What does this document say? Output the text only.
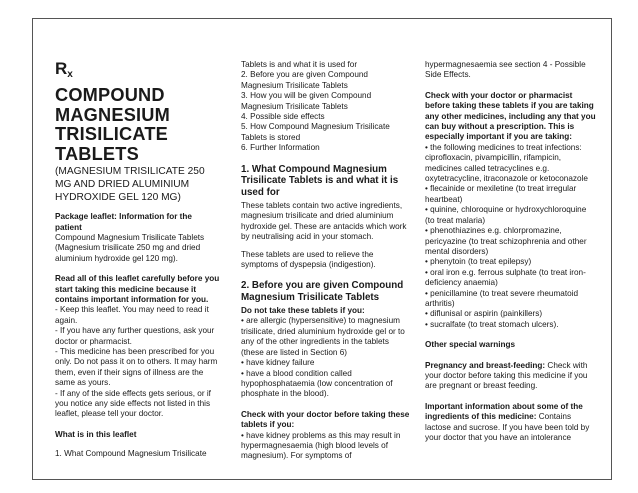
$R_x$
COMPOUND
MAGNESIUM
TRISILICATE
TABLETS
(MAGNESIUM TRISILICATE 250 MG AND DRIED ALUMINIUM HYDROXIDE GEL 120 MG)

Package leaflet: Information for the patient

Compound Magnesium Trisilicate Tablets (Magnesium trisilicate 250 mg and dried aluminium hydroxide gel 120 mg).

Read all of this leaflet carefully before you start taking this medicine because it contains important information for you.

- Keep this leaflet. You may need to read it again.
- If you have any further questions, ask your doctor or pharmacist.
- This medicine has been prescribed for you only. Do not pass it on to others. It may harm them, even if their signs of illness are the same as yours.
- If any of the side effects gets serious, or if you notice any side effects not listed in this leaflet, please tell your doctor.

What is in this leaflet

1. What Compound Magnesium Trisilicate

Tablets is and what it is used for
2. Before you are given Compound Magnesium Trisilicate Tablets
3. How you will be given Compound Magnesium Trisilicate Tablets
4. Possible side effects
5. How Compound Magnesium Trisilicate Tablets is stored
6. Further Information
1. What Compound Magnesium Trisilicate Tablets is and what it is used for

These tablets contain two active ingredients, magnesium trisilicate and dried aluminium hydroxide gel. These are antacids which work by neutralising acid in your stomach.

These tablets are used to relieve the symptoms of dyspepsia (indigestion).

2. Before you are given Compound Magnesium Trisilicate Tablets
Do not take these tablets if you:
• are allergic (hypersensitive) to magnesium trisilicate, dried aluminium hydroxide gel or to any of the other ingredients in the tablets (these are listed in Section 6)
• have kidney failure
• have a blood condition called hypophosphataemia (low concentration of phosphate in the blood).
Check with your doctor before taking these tablets if you:
• have kidney problems as this may result in hypermagnesaemia (high blood levels of magnesium). For symptoms of

hypermagnesaemia see section 4 - Possible Side Effects.

Check with your doctor or pharmacist before taking these tablets if you are taking any other medicines, including any that you can buy without a prescription. This is especially important if you are taking:

• the following medicines to treat infections: ciprofloxacin, pivampicillin, rifampicin, medicines called tetracyclines e.g. oxytetracycline, itraconazole or ketoconazole
• flecainide or mexiletine (to treat irregular heartbeat)
• quinine, chloroquine or hydroxychloroquine (to treat malaria)
• phenothiazines e.g. chlorpromazine, pericyazine (to treat schizophrenia and other mental disorders)
• phenytoin (to treat epilepsy)
• oral iron e.g. ferrous sulphate (to treat iron-deficiency anaemia)
• penicillamine (to treat severe rheumatoid arthritis)
• diflunisal or aspirin (painkillers)
• sucralfate (to treat stomach ulcers).

Other special warnings

Pregnancy and breast-feeding: Check with your doctor before taking this medicine if you are pregnant or breast feeding.

Important information about some of the ingredients of this medicine: Contains lactose and sucrose. If you have been told by your doctor that you have an intolerance
